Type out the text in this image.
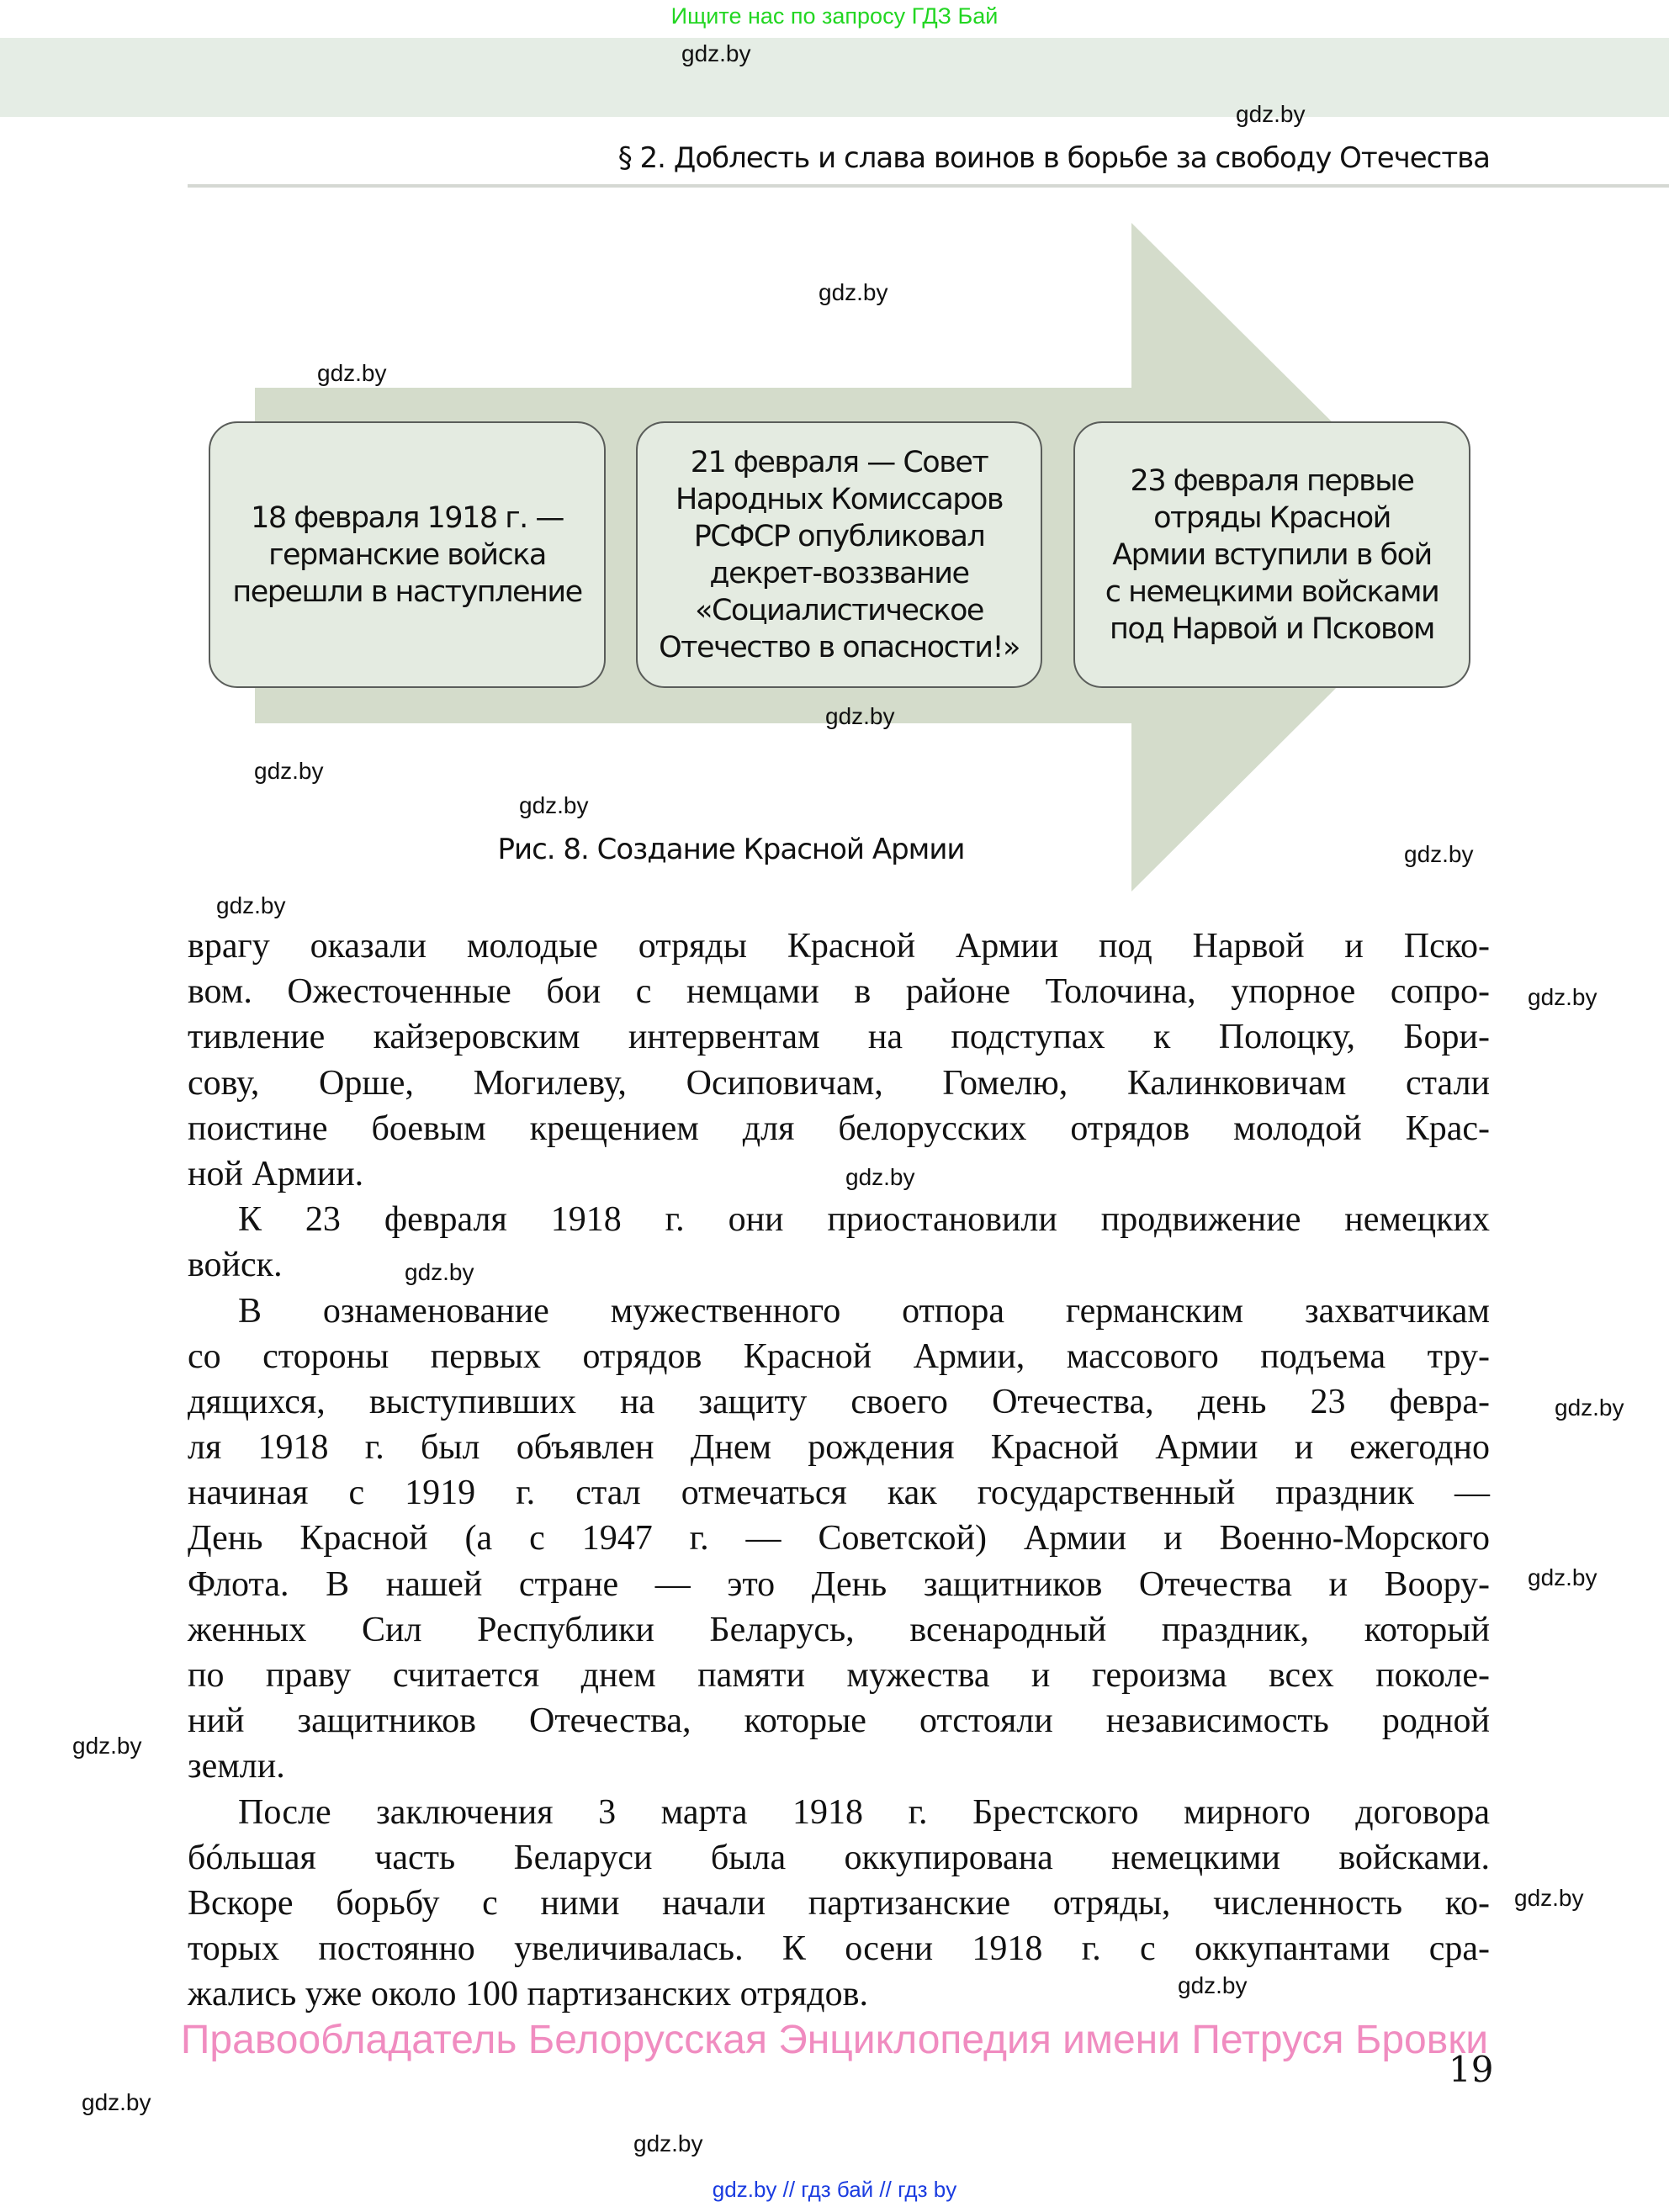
Ищите нас по запросу ГДЗ Бай
§ 2. Доблесть и слава воинов в борьбе за свободу Отечества
18 февраля 1918 г. —
германские войска
перешли в наступление
21 февраля — Совет
Народных Комиссаров
РСФСР опубликовал
декрет-воззвание
«Социалистическое
Отечество в опасности!»
23 февраля первые
отряды Красной
Армии вступили в бой
с немецкими войсками
под Нарвой и Псковом
Рис. 8. Создание Красной Армии
врагу оказали молодые отряды Красной Армии под Нарвой и Пско-
вом. Ожесточенные бои с немцами в районе Толочина, упорное сопро-
тивление кайзеровским интервентам на подступах к Полоцку, Бори-
сову, Орше, Могилеву, Осиповичам, Гомелю, Калинковичам стали
поистине боевым крещением для белорусских отрядов молодой Крас-
ной Армии.
К 23 февраля 1918 г. они приостановили продвижение немецких
войск.
В ознаменование мужественного отпора германским захватчикам
со стороны первых отрядов Красной Армии, массового подъема тру-
дящихся, выступивших на защиту своего Отечества, день 23 февра-
ля 1918 г. был объявлен Днем рождения Красной Армии и ежегодно
начиная с 1919 г. стал отмечаться как государственный праздник —
День Красной (а с 1947 г. — Советской) Армии и Военно-Морского
Флота. В нашей стране — это День защитников Отечества и Воору-
женных Сил Республики Беларусь, всенародный праздник, который
по праву считается днем памяти мужества и героизма всех поколе-
ний защитников Отечества, которые отстояли независимость родной
земли.
После заключения 3 марта 1918 г. Брестского мирного договора
бóльшая часть Беларуси была оккупирована немецкими войсками.
Вскоре борьбу с ними начали партизанские отряды, численность ко-
торых постоянно увеличивалась. К осени 1918 г. с оккупантами сра-
жались уже около 100 партизанских отрядов.
gdz.by
gdz.by
gdz.by
gdz.by
gdz.by
gdz.by
gdz.by
gdz.by
gdz.by
gdz.by
gdz.by
gdz.by
gdz.by
gdz.by
gdz.by
gdz.by
gdz.by
gdz.by
gdz.by
Правообладатель Белорусская Энциклопедия имени Петруся Бровки
19
gdz.by // гдз бай // гдз by
